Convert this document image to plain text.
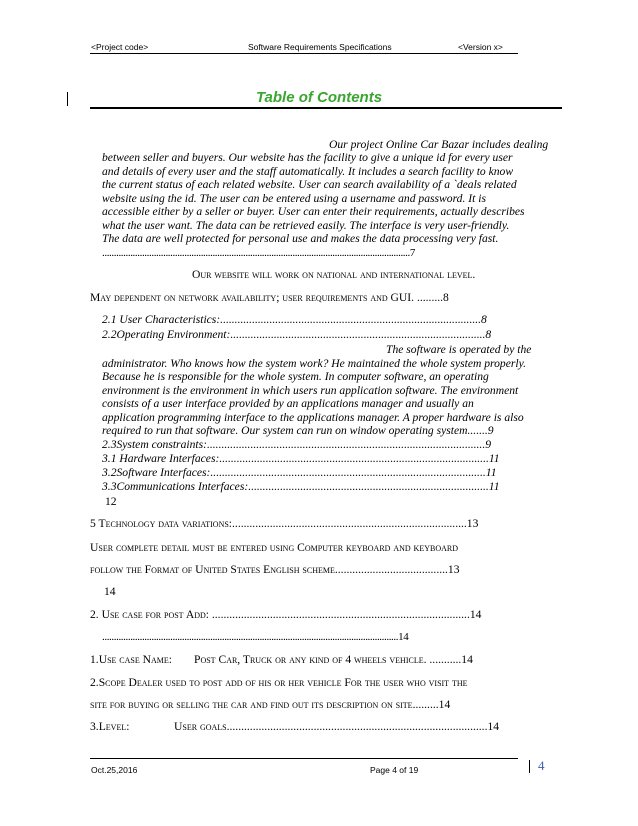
<Project code>	Software Requirements Specifications	<Version x>
Table of Contents
Our project Online Car Bazar includes dealing
between seller and buyers. Our website has the facility to give a unique id for every user
and details of every user and the staff automatically. It includes a search facility to know
the current status of each related website. User can search availability of a `deals related
website using the id. The user can be entered using a username and password. It is
accessible either by a seller or buyer. User can enter their requirements, actually describes
what the user want. The data can be retrieved easily. The interface is very user-friendly.
The data are well protected for personal use and makes the data processing very fast.
...................................................................................................................................7
Our website will work on national and international level.
May dependent on network availability; user requirements and GUI. .........8
2.1 User Characteristics:..........................................................................................8
2.2Operating Environment:........................................................................................8
The software is operated by the
administrator. Who knows how the system work? He maintained the whole system properly.
Because he is responsible for the whole system. In computer software, an operating
environment is the environment in which users run application software. The environment
consists of a user interface provided by an applications manager and usually an
application programming interface to the applications manager. A proper hardware is also
required to run that software. Our system can run on window operating system.......9
2.3System constraints:................................................................................................9
3.1 Hardware Interfaces:.............................................................................................11
3.2Software Interfaces:...............................................................................................11
3.3Communications Interfaces:...................................................................................11
12
5 Technology data variations:.................................................................................13
User complete detail must be entered using Computer keyboard and keyboard
follow the Format of United States English scheme.......................................13
14
2. Use case for post Add: .........................................................................................14
..............................................................................................................................14
1.Use case Name: Post Car, Truck or any kind of 4 wheels vehicle. ...........14
2.Scope Dealer used to post add of his or her vehicle For the user who visit the
site for buying or selling the car and find out its description on site.........14
3.Level:	User goals..........................................................................................14
Oct.25,2016	Page 4 of 19	4
